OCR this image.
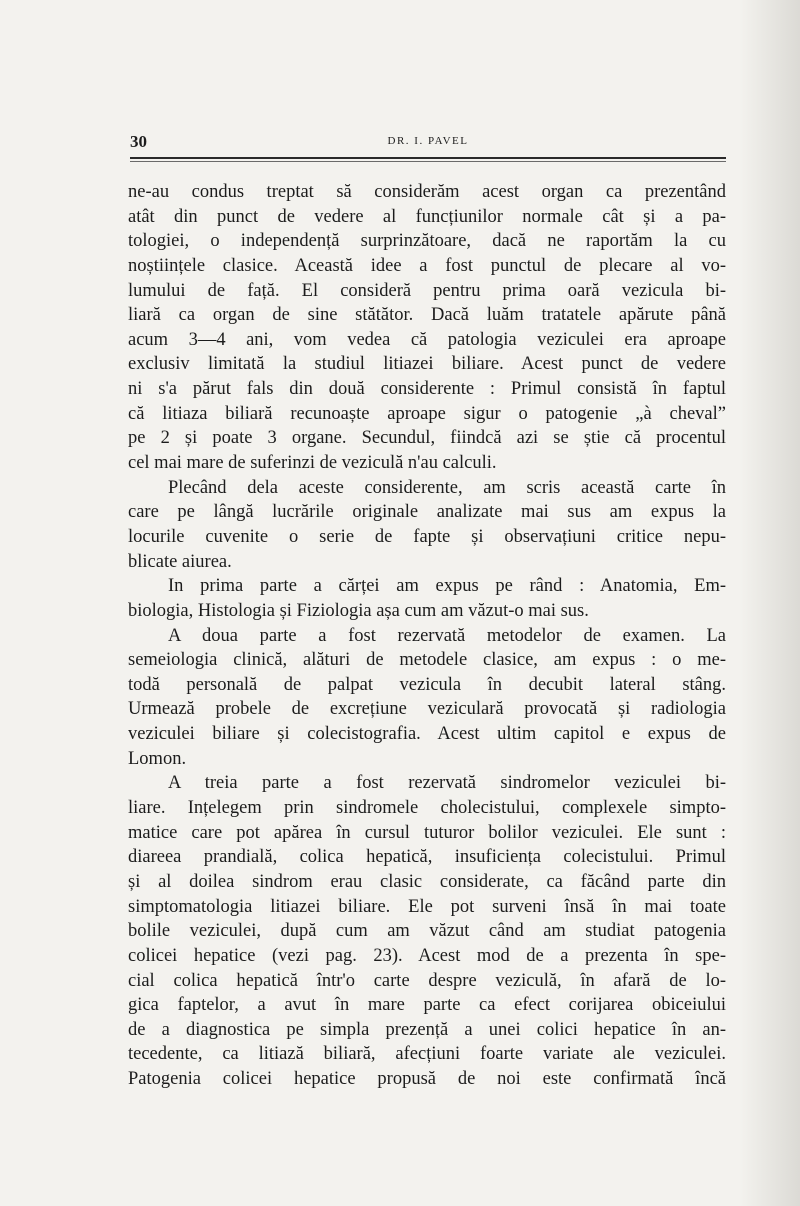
30	DR. I. PAVEL
ne-au condus treptat să considerăm acest organ ca prezentând
atât din punct de vedere al funcțiunilor normale cât și a pa-
tologiei, o independență surprinzătoare, dacă ne raportăm la cu
noștiințele clasice. Această idee a fost punctul de plecare al vo-
lumului de față. El consideră pentru prima oară vezicula bi-
liară ca organ de sine stătător. Dacă luăm tratatele apărute până
acum 3—4 ani, vom vedea că patologia veziculei era aproape
exclusiv limitată la studiul litiazei biliare. Acest punct de vedere
ni s'a părut fals din două considerente : Primul consistă în faptul
că litiaza biliară recunoaște aproape sigur o patogenie „à cheval”
pe 2 și poate 3 organe. Secundul, fiindcă azi se știe că procentul
cel mai mare de suferinzi de veziculă n'au calculi.
Plecând dela aceste considerente, am scris această carte în
care pe lângă lucrările originale analizate mai sus am expus la
locurile cuvenite o serie de fapte și observațiuni critice nepu-
blicate aiurea.
In prima parte a cărței am expus pe rând : Anatomia, Em-
biologia, Histologia și Fiziologia așa cum am văzut-o mai sus.
A doua parte a fost rezervată metodelor de examen. La
semeiologia clinică, alături de metodele clasice, am expus : o me-
todă personală de palpat vezicula în decubit lateral stâng.
Urmează probele de excrețiune veziculară provocată și radiologia
veziculei biliare și colecistografia. Acest ultim capitol e expus de
Lomon.
A treia parte a fost rezervată sindromelor veziculei bi-
liare. Ințelegem prin sindromele cholecistului, complexele simpto-
matice care pot apărea în cursul tuturor bolilor veziculei. Ele sunt :
diareea prandială, colica hepatică, insuficiența colecistului. Primul
și al doilea sindrom erau clasic considerate, ca făcând parte din
simptomatologia litiazei biliare. Ele pot surveni însă în mai toate
bolile veziculei, după cum am văzut când am studiat patogenia
colicei hepatice (vezi pag. 23). Acest mod de a prezenta în spe-
cial colica hepatică într'o carte despre veziculă, în afară de lo-
gica faptelor, a avut în mare parte ca efect corijarea obiceiului
de a diagnostica pe simpla prezență a unei colici hepatice în an-
tecedente, ca litiază biliară, afecțiuni foarte variate ale veziculei.
Patogenia colicei hepatice propusă de noi este confirmată încă
